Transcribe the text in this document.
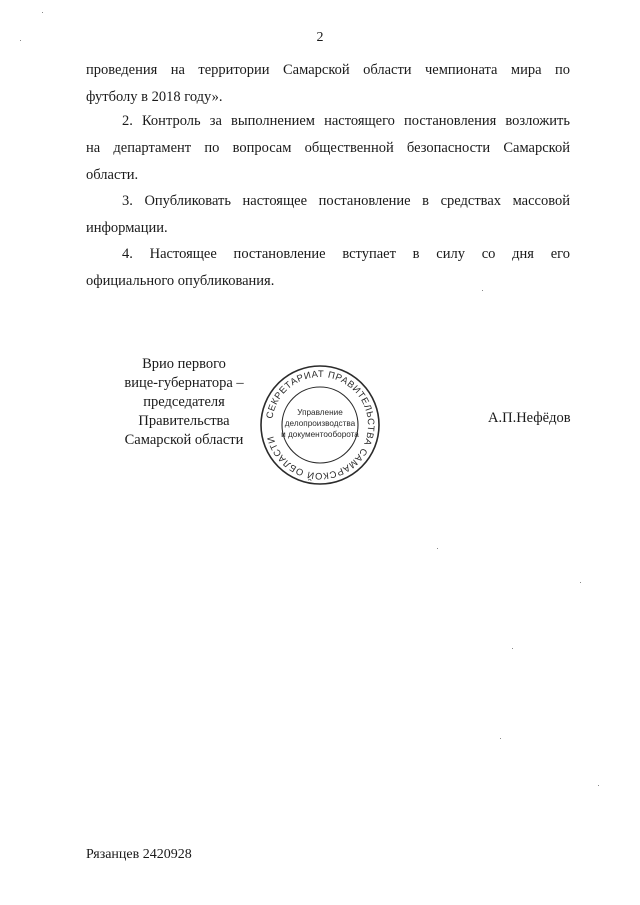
2
проведения на территории Самарской области чемпионата мира по
футболу в 2018 году».
2. Контроль за выполнением настоящего постановления возложить
на департамент по вопросам общественной безопасности Самарской
области.
3. Опубликовать настоящее постановление в средствах массовой
информации.
4. Настоящее постановление вступает в силу со дня его
официального опубликования.
Врио первого
вице-губернатора –
председателя Правительства
Самарской области
СЕКРЕТАРИАТ ПРАВИТЕЛЬСТВА САМАРСКОЙ ОБЛАСТИ
Управление
делопроизводства
и документооборота
А.П.Нефёдов
Рязанцев 2420928
